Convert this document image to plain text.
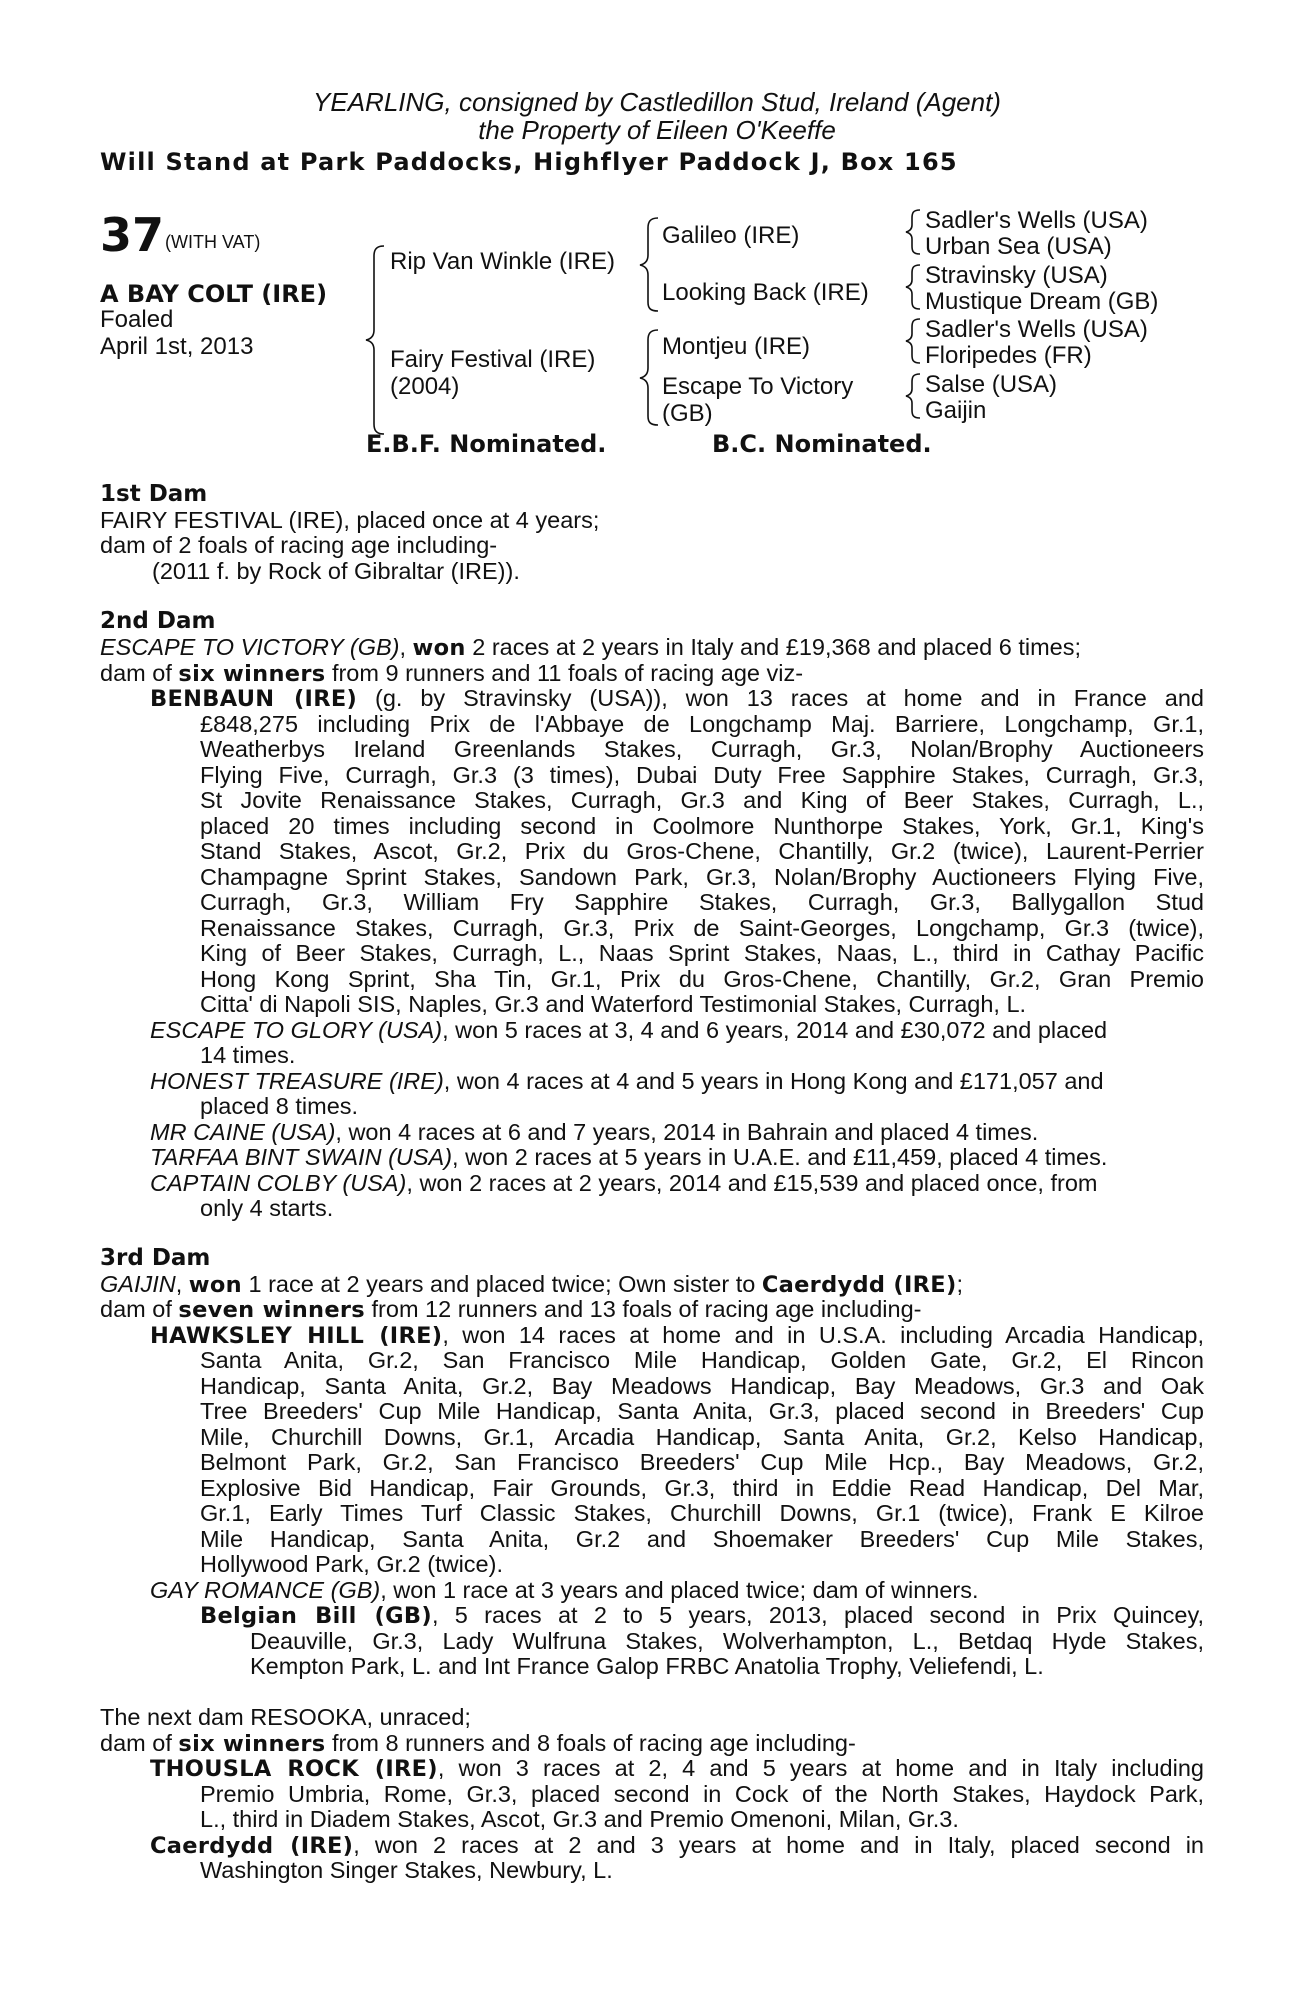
YEARLING, consigned by Castledillon Stud, Ireland (Agent)
the Property of Eileen O'Keeffe
Will Stand at Park Paddocks, Highflyer Paddock J, Box 165
37 (WITH VAT)
A BAY COLT (IRE)
Foaled
April 1st, 2013
Rip Van Winkle (IRE)
Fairy Festival (IRE)
(2004)
Galileo (IRE)
Looking Back (IRE)
Montjeu (IRE)
Escape To Victory
(GB)
Sadler's Wells (USA)
Urban Sea (USA)
Stravinsky (USA)
Mustique Dream (GB)
Sadler's Wells (USA)
Floripedes (FR)
Salse (USA)
Gaijin
E.B.F. Nominated.	B.C. Nominated.
1st Dam
FAIRY FESTIVAL (IRE), placed once at 4 years;
dam of 2 foals of racing age including-
(2011 f. by Rock of Gibraltar (IRE)).
2nd Dam
ESCAPE TO VICTORY (GB), won 2 races at 2 years in Italy and £19,368 and placed 6 times;
dam of six winners from 9 runners and 11 foals of racing age viz-
BENBAUN (IRE) (g. by Stravinsky (USA)), won 13 races at home and in France and
£848,275 including Prix de l'Abbaye de Longchamp Maj. Barriere, Longchamp, Gr.1,
Weatherbys Ireland Greenlands Stakes, Curragh, Gr.3, Nolan/Brophy Auctioneers
Flying Five, Curragh, Gr.3 (3 times), Dubai Duty Free Sapphire Stakes, Curragh, Gr.3,
St Jovite Renaissance Stakes, Curragh, Gr.3 and King of Beer Stakes, Curragh, L.,
placed 20 times including second in Coolmore Nunthorpe Stakes, York, Gr.1, King's
Stand Stakes, Ascot, Gr.2, Prix du Gros-Chene, Chantilly, Gr.2 (twice), Laurent-Perrier
Champagne Sprint Stakes, Sandown Park, Gr.3, Nolan/Brophy Auctioneers Flying Five,
Curragh, Gr.3, William Fry Sapphire Stakes, Curragh, Gr.3, Ballygallon Stud
Renaissance Stakes, Curragh, Gr.3, Prix de Saint-Georges, Longchamp, Gr.3 (twice),
King of Beer Stakes, Curragh, L., Naas Sprint Stakes, Naas, L., third in Cathay Pacific
Hong Kong Sprint, Sha Tin, Gr.1, Prix du Gros-Chene, Chantilly, Gr.2, Gran Premio
Citta' di Napoli SIS, Naples, Gr.3 and Waterford Testimonial Stakes, Curragh, L.
ESCAPE TO GLORY (USA), won 5 races at 3, 4 and 6 years, 2014 and £30,072 and placed
14 times.
HONEST TREASURE (IRE), won 4 races at 4 and 5 years in Hong Kong and £171,057 and
placed 8 times.
MR CAINE (USA), won 4 races at 6 and 7 years, 2014 in Bahrain and placed 4 times.
TARFAA BINT SWAIN (USA), won 2 races at 5 years in U.A.E. and £11,459, placed 4 times.
CAPTAIN COLBY (USA), won 2 races at 2 years, 2014 and £15,539 and placed once, from
only 4 starts.
3rd Dam
GAIJIN, won 1 race at 2 years and placed twice; Own sister to Caerdydd (IRE);
dam of seven winners from 12 runners and 13 foals of racing age including-
HAWKSLEY HILL (IRE), won 14 races at home and in U.S.A. including Arcadia Handicap,
Santa Anita, Gr.2, San Francisco Mile Handicap, Golden Gate, Gr.2, El Rincon
Handicap, Santa Anita, Gr.2, Bay Meadows Handicap, Bay Meadows, Gr.3 and Oak
Tree Breeders' Cup Mile Handicap, Santa Anita, Gr.3, placed second in Breeders' Cup
Mile, Churchill Downs, Gr.1, Arcadia Handicap, Santa Anita, Gr.2, Kelso Handicap,
Belmont Park, Gr.2, San Francisco Breeders' Cup Mile Hcp., Bay Meadows, Gr.2,
Explosive Bid Handicap, Fair Grounds, Gr.3, third in Eddie Read Handicap, Del Mar,
Gr.1, Early Times Turf Classic Stakes, Churchill Downs, Gr.1 (twice), Frank E Kilroe
Mile Handicap, Santa Anita, Gr.2 and Shoemaker Breeders' Cup Mile Stakes,
Hollywood Park, Gr.2 (twice).
GAY ROMANCE (GB), won 1 race at 3 years and placed twice; dam of winners.
Belgian Bill (GB), 5 races at 2 to 5 years, 2013, placed second in Prix Quincey,
Deauville, Gr.3, Lady Wulfruna Stakes, Wolverhampton, L., Betdaq Hyde Stakes,
Kempton Park, L. and Int France Galop FRBC Anatolia Trophy, Veliefendi, L.
The next dam RESOOKA, unraced;
dam of six winners from 8 runners and 8 foals of racing age including-
THOUSLA ROCK (IRE), won 3 races at 2, 4 and 5 years at home and in Italy including
Premio Umbria, Rome, Gr.3, placed second in Cock of the North Stakes, Haydock Park,
L., third in Diadem Stakes, Ascot, Gr.3 and Premio Omenoni, Milan, Gr.3.
Caerdydd (IRE), won 2 races at 2 and 3 years at home and in Italy, placed second in
Washington Singer Stakes, Newbury, L.
